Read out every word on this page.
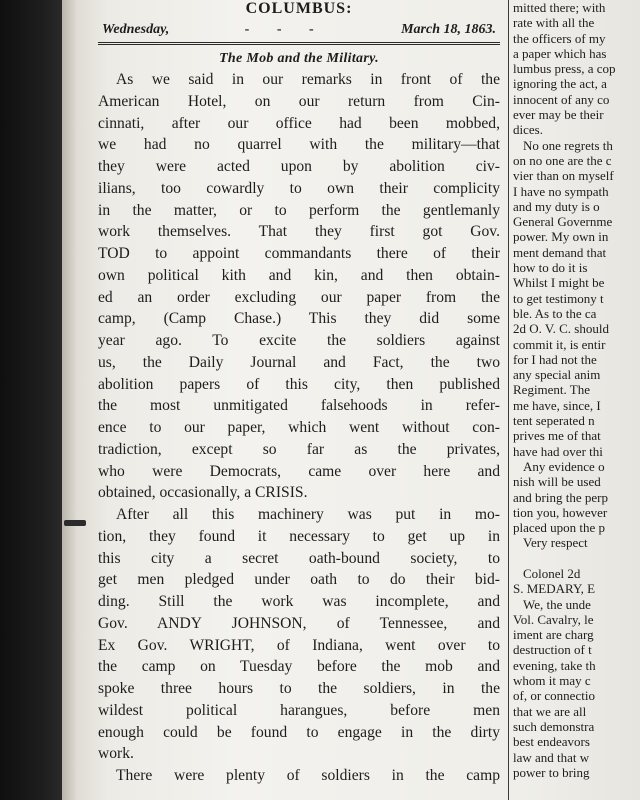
COLUMBUS:
Wednesday,	- - -	March 18, 1863.
The Mob and the Military.

As we said in our remarks in front of the
American Hotel, on our return from Cin-
cinnati, after our office had been mobbed,
we had no quarrel with the military—that
they were acted upon by abolition civ-
ilians, too cowardly to own their complicity
in the matter, or to perform the gentlemanly
work themselves. That they first got Gov.
TOD to appoint commandants there of their
own political kith and kin, and then obtain-
ed an order excluding our paper from the
camp, (Camp Chase.) This they did some
year ago. To excite the soldiers against
us, the Daily Journal and Fact, the two
abolition papers of this city, then published
the most unmitigated falsehoods in refer-
ence to our paper, which went without con-
tradiction, except so far as the privates,
who were Democrats, came over here and
obtained, occasionally, a CRISIS.

After all this machinery was put in mo-
tion, they found it necessary to get up in
this city a secret oath-bound society, to
get men pledged under oath to do their bid-
ding. Still the work was incomplete, and
Gov. ANDY JOHNSON, of Tennessee, and
Ex Gov. WRIGHT, of Indiana, went over to
the camp on Tuesday before the mob and
spoke three hours to the soldiers, in the
wildest political harangues, before men
enough could be found to engage in the dirty
work.

There were plenty of soldiers in the camp

mitted there; with
rate with all the
the officers of my
a paper which has
lumbus press, a cop
ignoring the act, a
innocent of any co
ever may be their
dices.
No one regrets th
on no one are the c
vier than on myself
I have no sympath
and my duty is o
General Governme
power. My own in
ment demand that
how to do it is
Whilst I might be
to get testimony t
ble. As to the ca
2d O. V. C. should
commit it, is entir
for I had not the
any special anim
Regiment. The
me have, since, I
tent seperated n
prives me of that
have had over thi
Any evidence o
nish will be used
and bring the perp
tion you, however
placed upon the p
Very respect
Colonel 2d
S. MEDARY, E
We, the unde
Vol. Cavalry, le
iment are charg
destruction of t
evening, take th
whom it may c
of, or connectio
that we are all
such demonstra
best endeavors
law and that w
power to bring
